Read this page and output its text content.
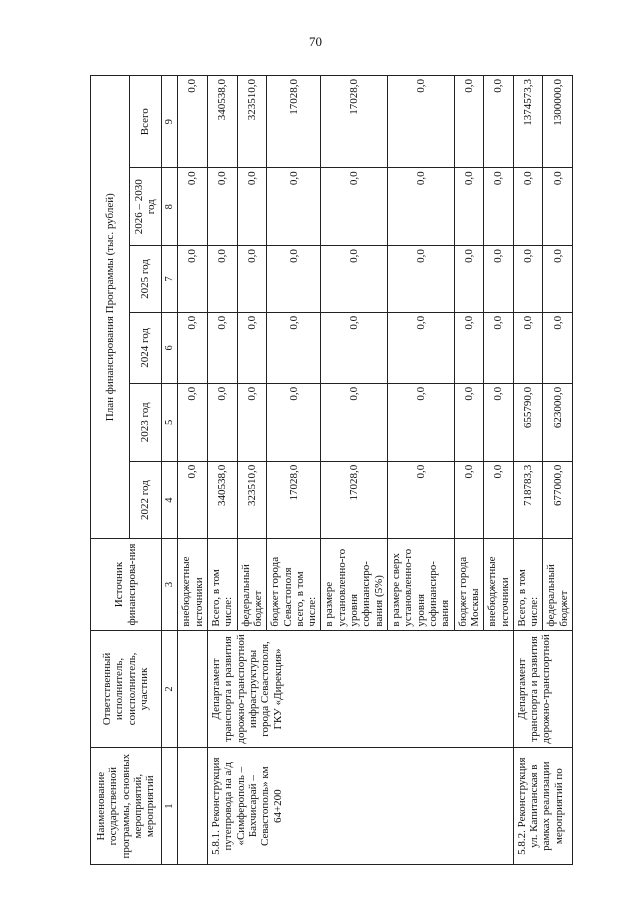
70
Наименование государственной программы, основных мероприятий, мероприятий	Ответственный исполнитель, соисполнитель, участник	Источник финансирова-ния	План финансирования Программы (тыс. рублей)					
			2022 год	2023 год	2024 год	2025 год	2026 – 2030 год	Всего
1	2	3	4	5	6	7	8	9
		внебюджетные источники	0,0	0,0	0,0	0,0	0,0	0,0
5.8.1. Реконструкция путепровода на а/д «Симферополь – Бахчисарай – Севастополь» км 64+200	Департамент транспорта и развития дорожно-транспортной инфраструктуры города Севастополя, ГКУ «Дирекция»	Всего, в том числе:	340538,0	0,0	0,0	0,0	0,0	340538,0
		федеральный бюджет	323510,0	0,0	0,0	0,0	0,0	323510,0
		бюджет города Севастополя всего, в том числе:	17028,0	0,0	0,0	0,0	0,0	17028,0
		в размере установленно-го уровня софинансиро-вания (5%)	17028,0	0,0	0,0	0,0	0,0	17028,0
		в размере сверх установленно-го уровня софинансиро-вания	0,0	0,0	0,0	0,0	0,0	0,0
		бюджет города Москвы	0,0	0,0	0,0	0,0	0,0	0,0
		внебюджетные источники	0,0	0,0	0,0	0,0	0,0	0,0
5.8.2. Реконструкция ул. Капитанская в рамках реализации мероприятий по	Департамент транспорта и развития дорожно-транспортной	Всего, в том числе:	718783,3	655790,0	0,0	0,0	0,0	1374573,3
		федеральный бюджет	677000,0	623000,0	0,0	0,0	0,0	1300000,0
